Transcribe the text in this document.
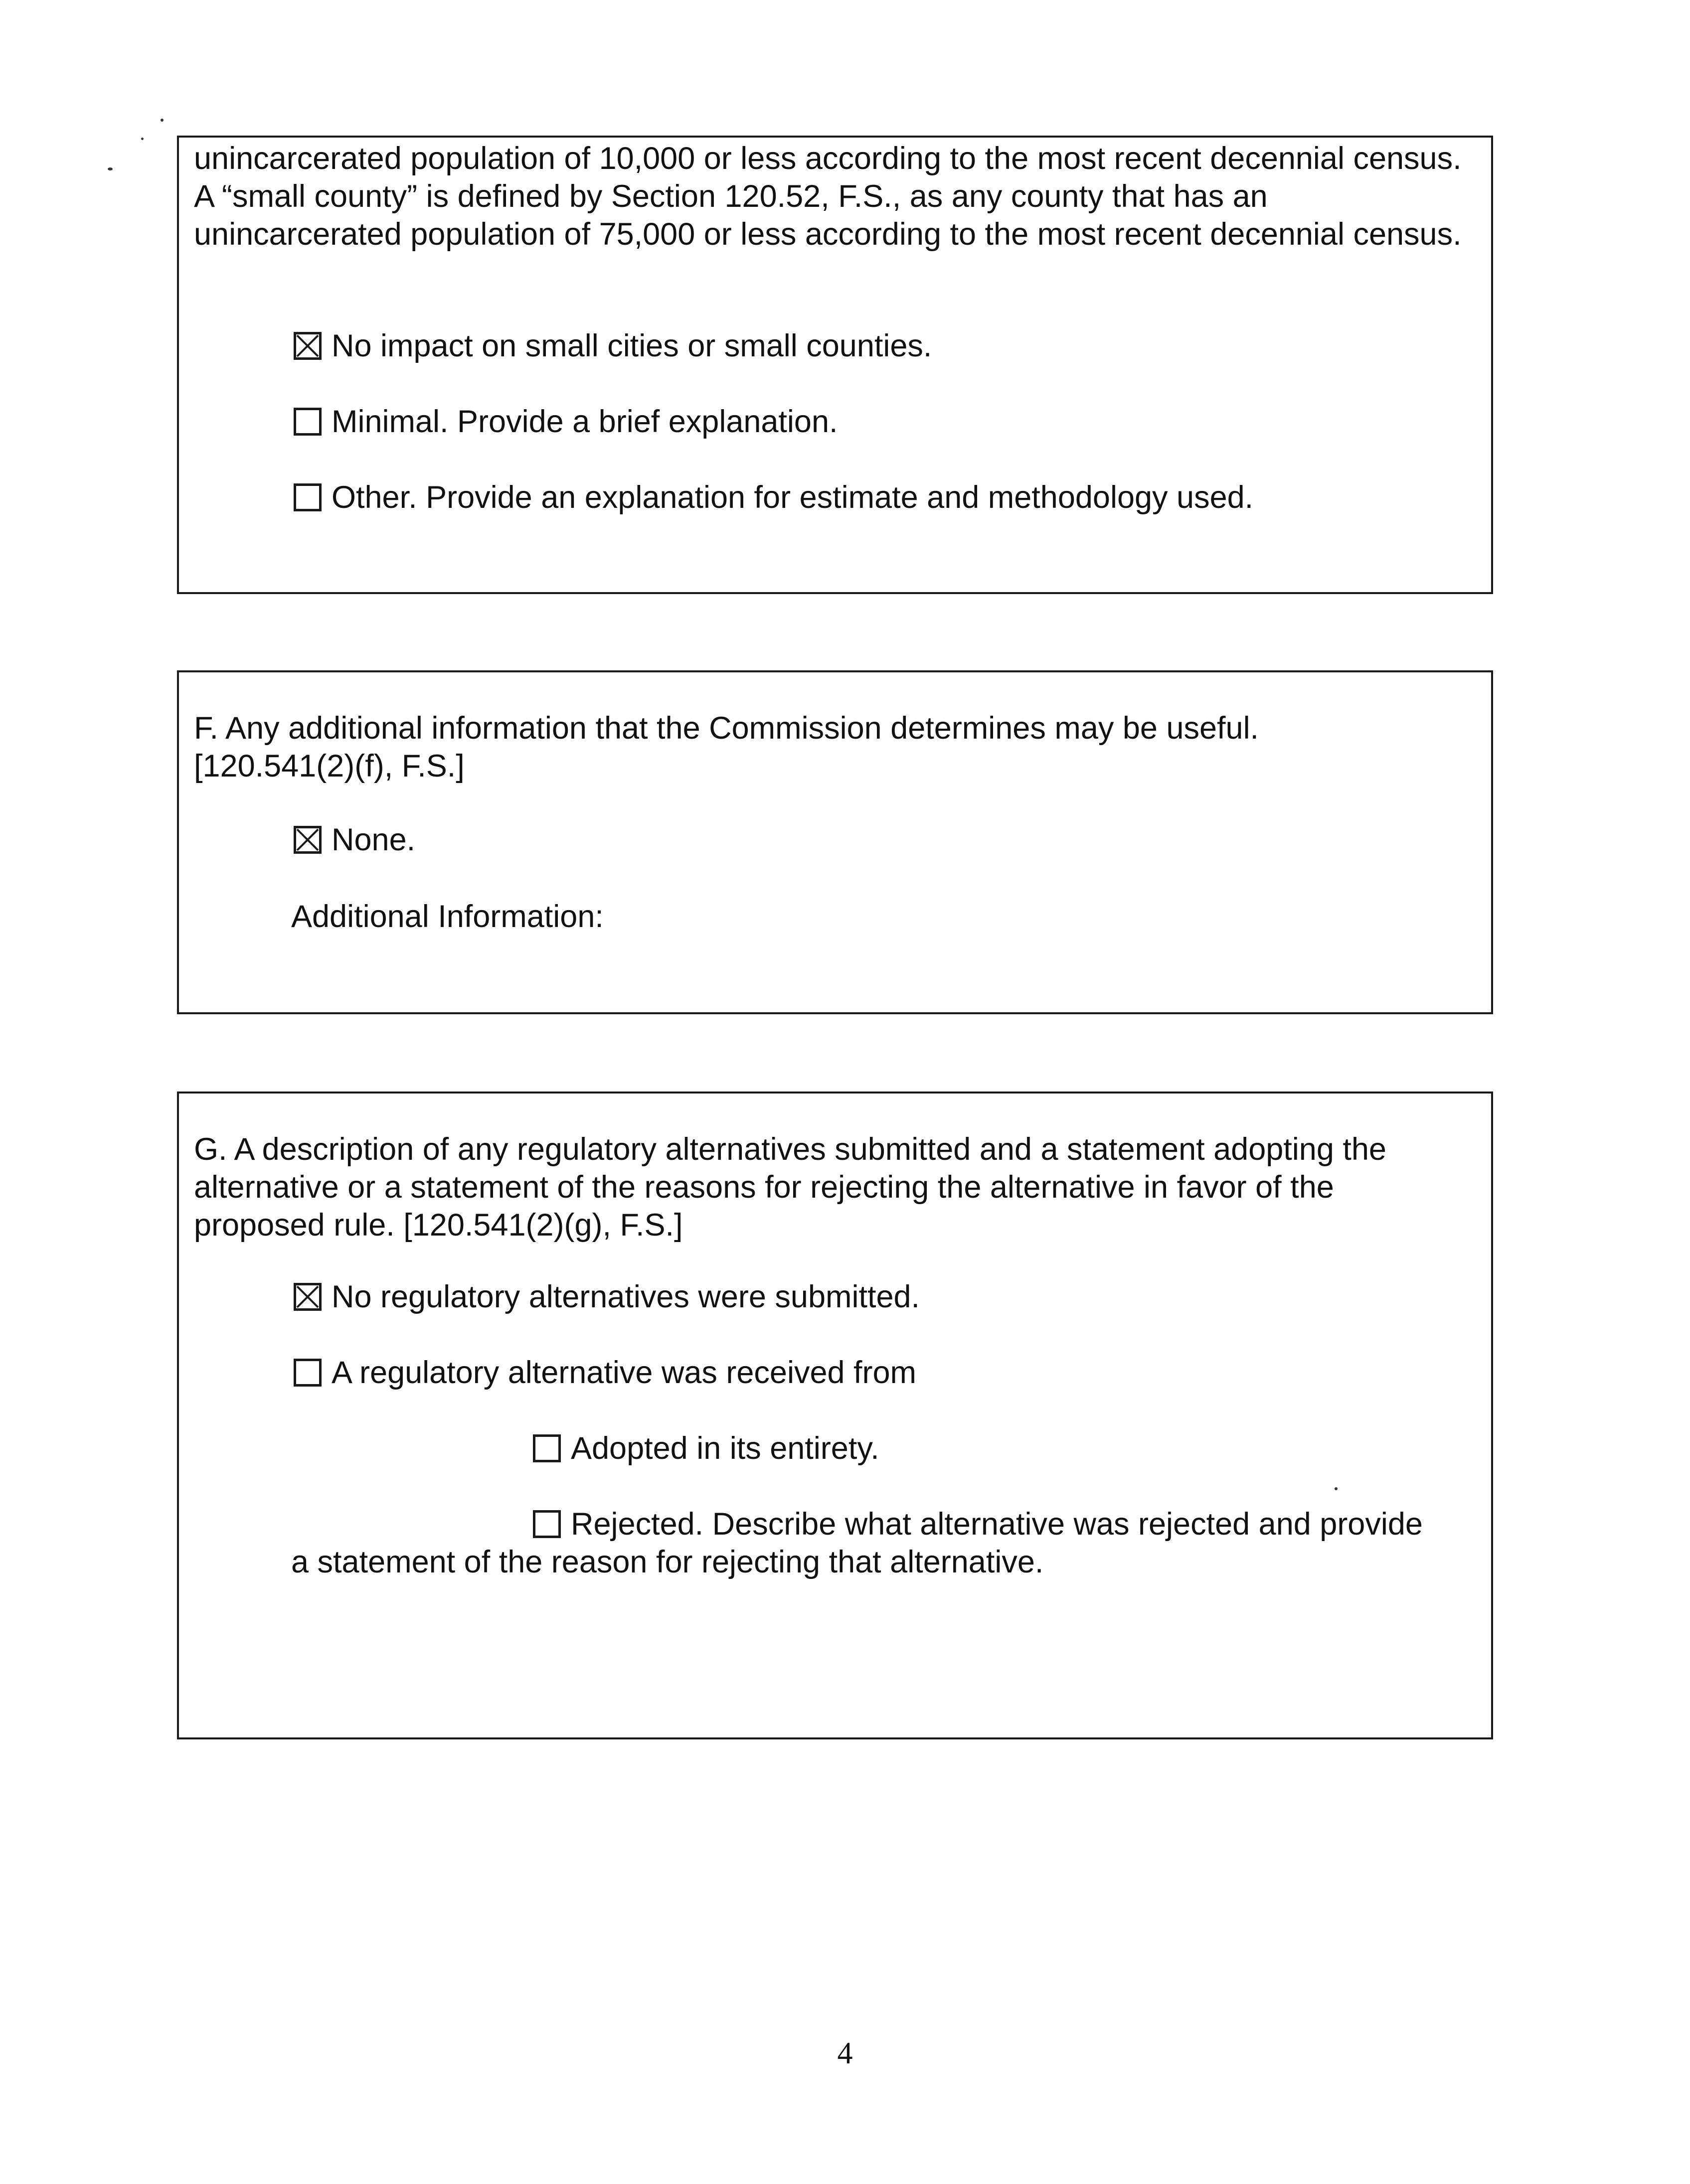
unincarcerated population of 10,000 or less according to the most recent decennial census. A “small county” is defined by Section 120.52, F.S., as any county that has an unincarcerated population of 75,000 or less according to the most recent decennial census.

No impact on small cities or small counties.
Minimal. Provide a brief explanation.
Other. Provide an explanation for estimate and methodology used.

F. Any additional information that the Commission determines may be useful. [120.541(2)(f), F.S.]

None.
Additional Information:

G. A description of any regulatory alternatives submitted and a statement adopting the alternative or a statement of the reasons for rejecting the alternative in favor of the proposed rule. [120.541(2)(g), F.S.]

No regulatory alternatives were submitted.
A regulatory alternative was received from
Adopted in its entirety.
Rejected. Describe what alternative was rejected and provide
a statement of the reason for rejecting that alternative.
4
